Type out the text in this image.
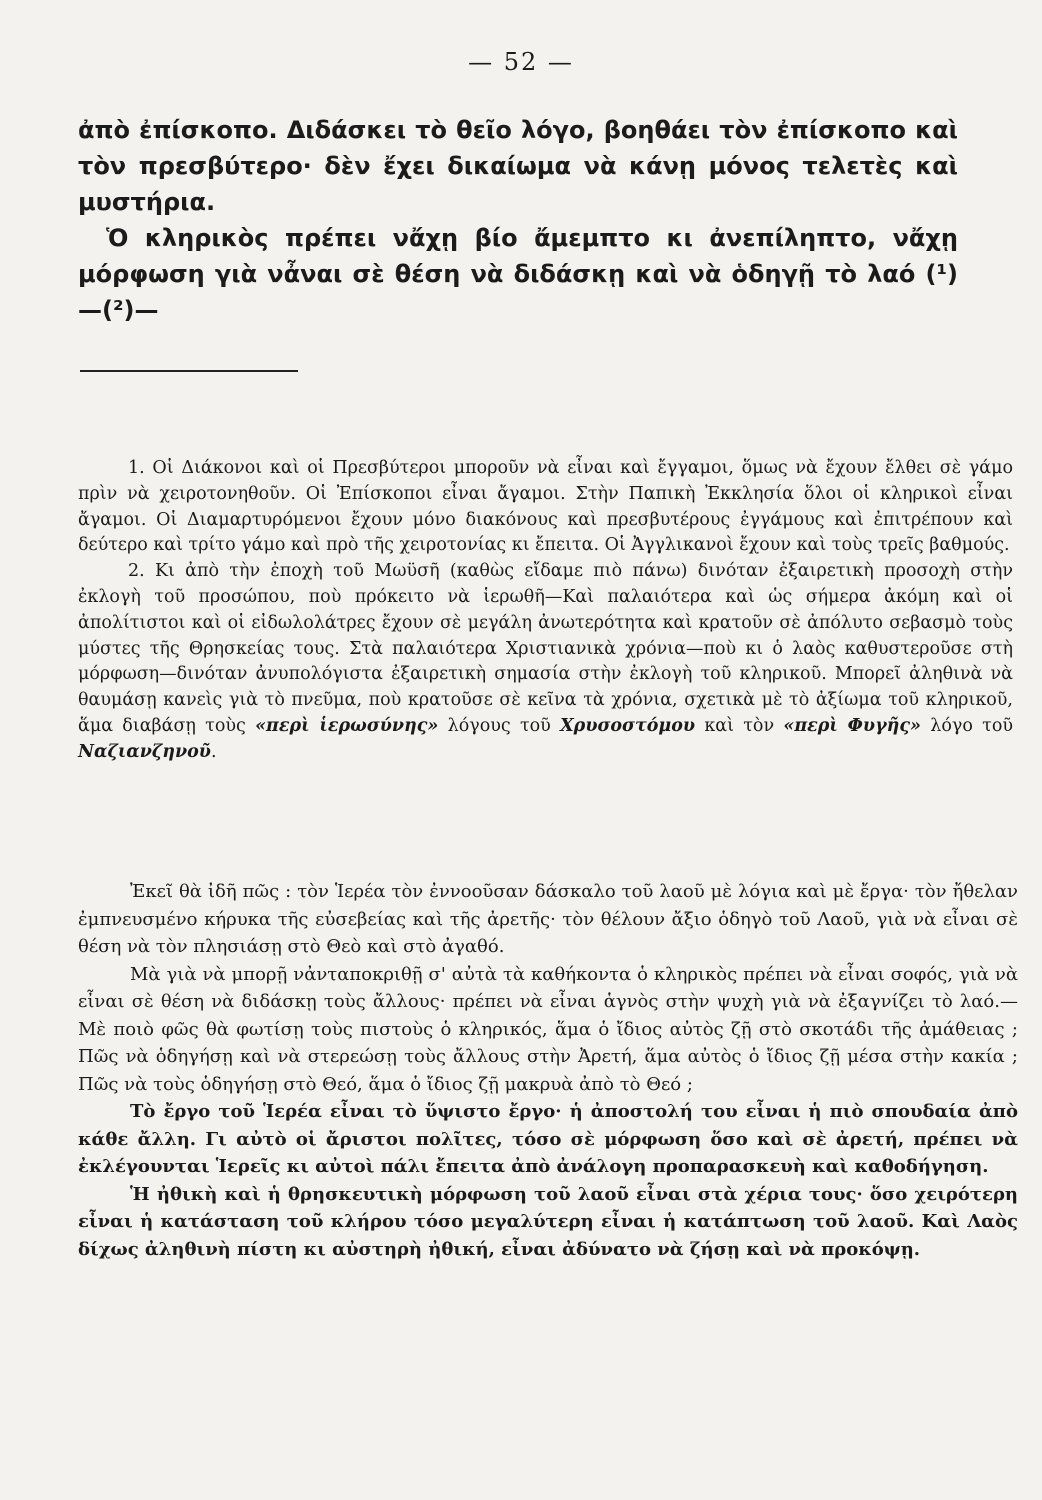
— 52 —
ἀπὸ ἐπίσκοπο. Διδάσκει τὸ θεῖο λόγο, βοηθάει τὸν ἐπίσκοπο καὶ τὸν πρεσβύτερο· δὲν ἔχει δικαίωμα νὰ κάνῃ μόνος τελετὲς καὶ μυστήρια.
Ὁ κληρικὸς πρέπει νἄχῃ βίο ἄμεμπτο κι ἀνεπίληπτο, νἄχῃ μόρφωση γιὰ νἆναι σὲ θέση νὰ διδάσκῃ καὶ νὰ ὁδηγῇ τὸ λαό (¹)—(²)—

1. Οἱ Διάκονοι καὶ οἱ Πρεσβύτεροι μποροῦν νὰ εἶναι καὶ ἔγγαμοι, ὅμως νὰ ἔχουν ἔλθει σὲ γάμο πρὶν νὰ χειροτονηθοῦν. Οἱ Ἐπίσκοποι εἶναι ἄγαμοι. Στὴν Παπικὴ Ἐκκλησία ὅλοι οἱ κληρικοὶ εἶναι ἄγαμοι. Οἱ Διαμαρτυρόμενοι ἔχουν μόνο διακόνους καὶ πρεσβυτέρους ἐγγάμους καὶ ἐπιτρέπουν καὶ δεύτερο καὶ τρίτο γάμο καὶ πρὸ τῆς χειροτονίας κι ἔπειτα. Οἱ Ἀγγλικανοὶ ἔχουν καὶ τοὺς τρεῖς βαθμούς.

2. Κι ἀπὸ τὴν ἐποχὴ τοῦ Μωϋσῆ (καθὼς εἴδαμε πιὸ πάνω) δινόταν ἐξαιρετικὴ προσοχὴ στὴν ἐκλογὴ τοῦ προσώπου, ποὺ πρόκειτο νὰ ἱερωθῆ—Καὶ παλαιότερα καὶ ὡς σήμερα ἀκόμη καὶ οἱ ἀπολίτιστοι καὶ οἱ εἰδωλολάτρες ἔχουν σὲ μεγάλη ἀνωτερότητα καὶ κρατοῦν σὲ ἀπόλυτο σεβασμὸ τοὺς μύστες τῆς Θρησκείας τους. Στὰ παλαιότερα Χριστιανικὰ χρόνια—ποὺ κι ὁ λαὸς καθυστεροῦσε στὴ μόρφωση—δινόταν ἀνυπολόγιστα ἐξαιρετικὴ σημασία στὴν ἐκλογὴ τοῦ κληρικοῦ. Μπορεῖ ἀληθινὰ νὰ θαυμάσῃ κανεὶς γιὰ τὸ πνεῦμα, ποὺ κρατοῦσε σὲ κεῖνα τὰ χρόνια, σχετικὰ μὲ τὸ ἀξίωμα τοῦ κληρικοῦ, ἅμα διαβάσῃ τοὺς «περὶ ἱερωσύνης» λόγους τοῦ Χρυσοστόμου καὶ τὸν «περὶ Φυγῆς» λόγο τοῦ Ναζιανζηνοῦ.

Ἐκεῖ θὰ ἰδῆ πῶς : τὸν Ἱερέα τὸν ἐννοοῦσαν δάσκαλο τοῦ λαοῦ μὲ λόγια καὶ μὲ ἔργα· τὸν ἤθελαν ἐμπνευσμένο κήρυκα τῆς εὐσεβείας καὶ τῆς ἀρετῆς· τὸν θέλουν ἄξιο ὁδηγὸ τοῦ Λαοῦ, γιὰ νὰ εἶναι σὲ θέση νὰ τὸν πλησιάσῃ στὸ Θεὸ καὶ στὸ ἀγαθό.

Μὰ γιὰ νὰ μπορῇ νἀνταποκριθῇ σ' αὐτὰ τὰ καθήκοντα ὁ κληρικὸς πρέπει νὰ εἶναι σοφός, γιὰ νὰ εἶναι σὲ θέση νὰ διδάσκῃ τοὺς ἄλλους· πρέπει νὰ εἶναι ἁγνὸς στὴν ψυχὴ γιὰ νὰ ἐξαγνίζει τὸ λαό.—Μὲ ποιὸ φῶς θὰ φωτίσῃ τοὺς πιστοὺς ὁ κληρικός, ἅμα ὁ ἴδιος αὐτὸς ζῇ στὸ σκοτάδι τῆς ἀμάθειας ; Πῶς νὰ ὁδηγήσῃ καὶ νὰ στερεώσῃ τοὺς ἄλλους στὴν Ἀρετή, ἅμα αὐτὸς ὁ ἴδιος ζῇ μέσα στὴν κακία ; Πῶς νὰ τοὺς ὁδηγήσῃ στὸ Θεό, ἅμα ὁ ἴδιος ζῇ μακρυὰ ἀπὸ τὸ Θεό ;

Τὸ ἔργο τοῦ Ἱερέα εἶναι τὸ ὕψιστο ἔργο· ἡ ἀποστολή του εἶναι ἡ πιὸ σπουδαία ἀπὸ κάθε ἄλλη. Γι αὐτὸ οἱ ἄριστοι πολῖτες, τόσο σὲ μόρφωση ὅσο καὶ σὲ ἀρετή, πρέπει νὰ ἐκλέγουνται Ἱερεῖς κι αὐτοὶ πάλι ἔπειτα ἀπὸ ἀνάλογη προπαρασκευὴ καὶ καθοδήγηση.

Ἡ ἠθικὴ καὶ ἡ θρησκευτικὴ μόρφωση τοῦ λαοῦ εἶναι στὰ χέρια τους· ὅσο χειρότερη εἶναι ἡ κατάσταση τοῦ κλήρου τόσο μεγαλύτερη εἶναι ἡ κατάπτωση τοῦ λαοῦ. Καὶ Λαὸς δίχως ἀληθινὴ πίστη κι αὐστηρὴ ἠθική, εἶναι ἀδύνατο νὰ ζήσῃ καὶ νὰ προκόψῃ.
